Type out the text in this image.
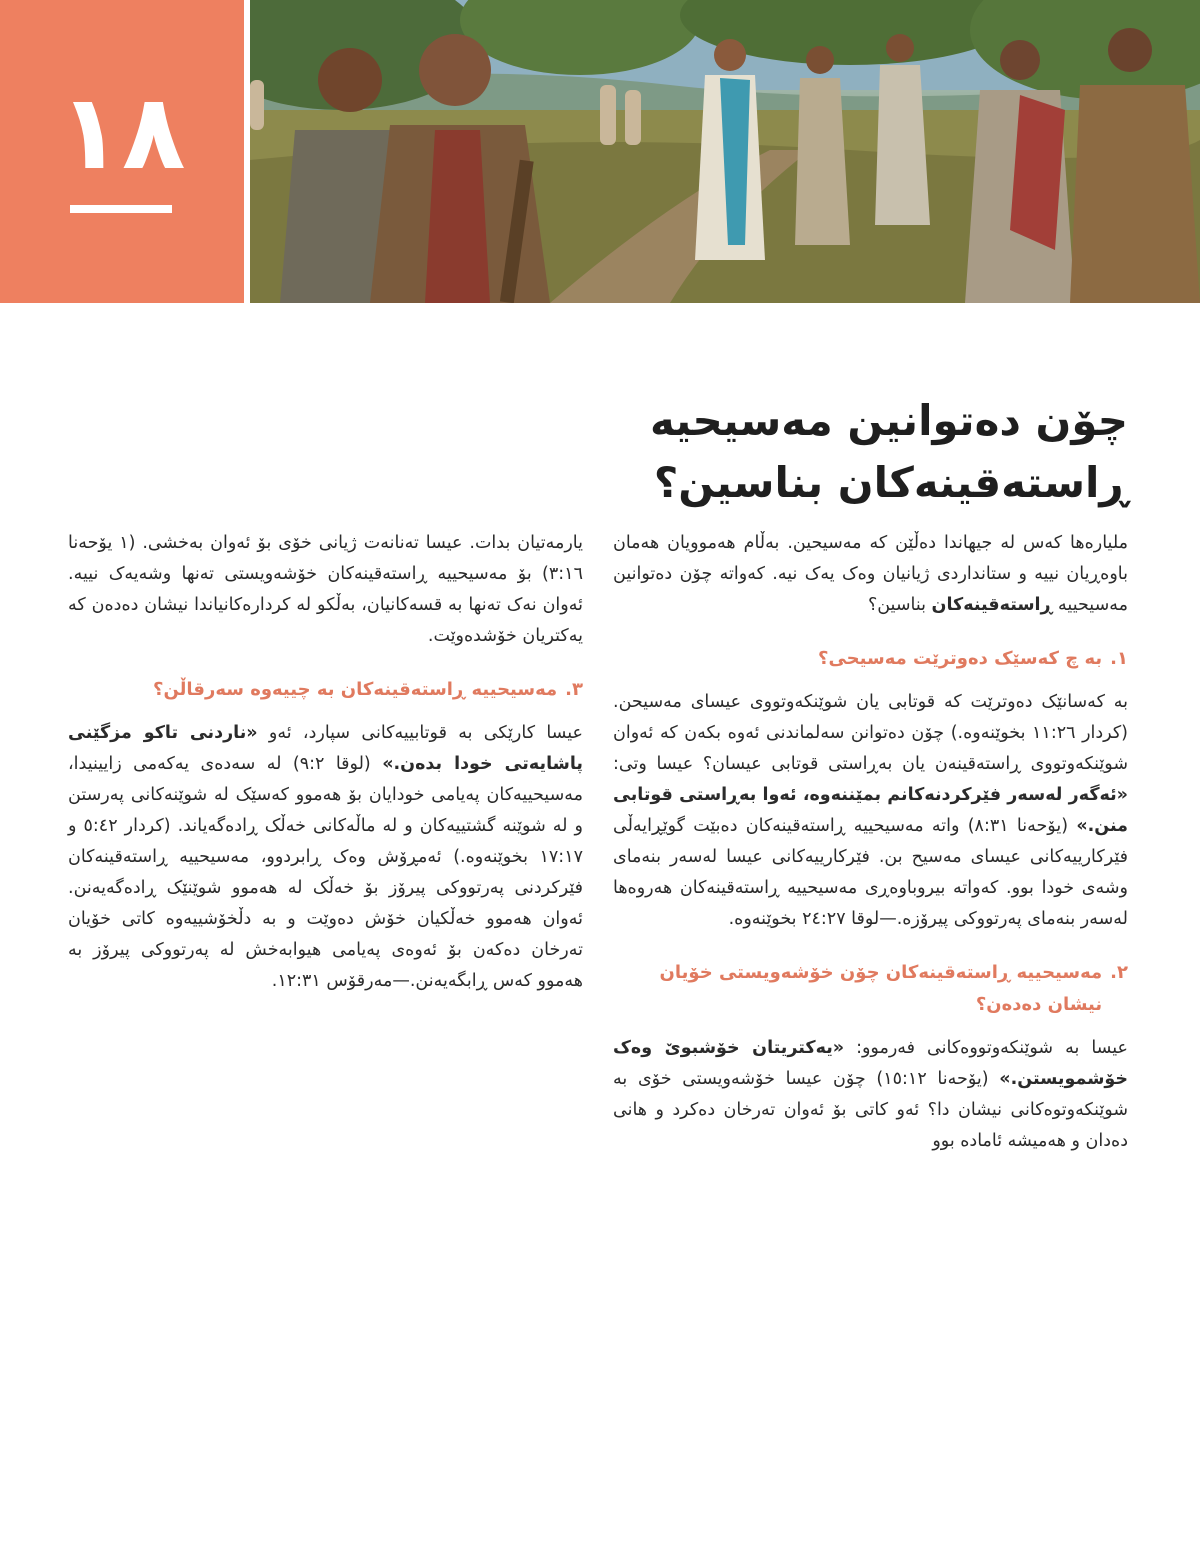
١٨
چۆن دەتوانین مەسیحیە
ڕاستەقینەکان بناسین؟

ملیارەها کەس لە جیهاندا دەڵێن کە مەسیحین. بەڵام هەموویان هەمان باوەڕیان نییە و ستانداردی ژیانیان وەک یەک نیە. کەواتە چۆن دەتوانین مەسیحییە ڕاستەقینەکان بناسین؟

١.
بە چ کەسێک دەوترێت مەسیحی؟

بە کەسانێک دەوترێت کە قوتابی یان شوێنکەوتووی عیسای مەسیحن. (کردار ١١:٢٦ بخوێنەوە.) چۆن دەتوانن سەلماندنی ئەوە بکەن کە ئەوان شوێنکەوتووی ڕاستەقینەن یان بەڕاستی قوتابی عیسان؟ عیسا وتی: «ئەگەر لەسەر فێرکردنەکانم بمێننەوە، ئەوا بەڕاستی قوتابی منن.» (یۆحەنا ٨:٣١) واتە مەسیحییە ڕاستەقینەکان دەبێت گوێڕایەڵی فێرکارییەکانی عیسای مەسیح بن. فێرکارییەکانی عیسا لەسەر بنەمای وشەی خودا بوو. کەواتە بیروباوەڕی مەسیحییە ڕاستەقینەکان هەروەها لەسەر بنەمای پەرتووکی پیرۆزە.—لوقا ٢٤:٢٧ بخوێنەوە.

٢.
مەسیحییە ڕاستەقینەکان چۆن خۆشەویستی خۆیان نیشان دەدەن؟

عیسا بە شوێنکەوتووەکانی فەرموو: «یەکتریتان خۆشبوێ وەک خۆشمویستن.» (یۆحەنا ١٥:١٢) چۆن عیسا خۆشەویستی خۆی بە شوێنکەوتوەکانی نیشان دا؟ ئەو کاتی بۆ ئەوان تەرخان دەکرد و هانی دەدان و هەمیشە ئامادە بوو

یارمەتیان بدات. عیسا تەنانەت ژیانی خۆی بۆ ئەوان بەخشی. (١ یۆحەنا ٣:١٦) بۆ مەسیحییە ڕاستەقینەکان خۆشەویستی تەنها وشەیەک نییە. ئەوان نەک تەنها بە قسەکانیان، بەڵکو لە کردارەکانیاندا نیشان دەدەن کە یەکتریان خۆشدەوێت.

٣.
مەسیحییە ڕاستەقینەکان بە چییەوە سەرقاڵن؟

عیسا کارێکی بە قوتابییەکانی سپارد، ئەو «ناردنی تاکو مزگێنی پاشایەتی خودا بدەن.» (لوقا ٩:٢) لە سەدەی یەکەمی زایینیدا، مەسیحییەکان پەیامی خودایان بۆ هەموو کەسێک لە شوێنەکانی پەرستن و لە شوێنە گشتییەکان و لە ماڵەکانی خەڵک ڕادەگەیاند. (کردار ٥:٤٢ و ١٧:١٧ بخوێنەوە.) ئەمڕۆش وەک ڕابردوو، مەسیحییە ڕاستەقینەکان فێرکردنی پەرتووکی پیرۆز بۆ خەڵک لە هەموو شوێنێک ڕادەگەیەنن. ئەوان هەموو خەڵکیان خۆش دەوێت و بە دڵخۆشییەوە کاتی خۆیان تەرخان دەکەن بۆ ئەوەی پەیامی هیوابەخش لە پەرتووکی پیرۆز بە هەموو کەس ڕابگەیەنن.—مەرقۆس ١٢:٣١.
